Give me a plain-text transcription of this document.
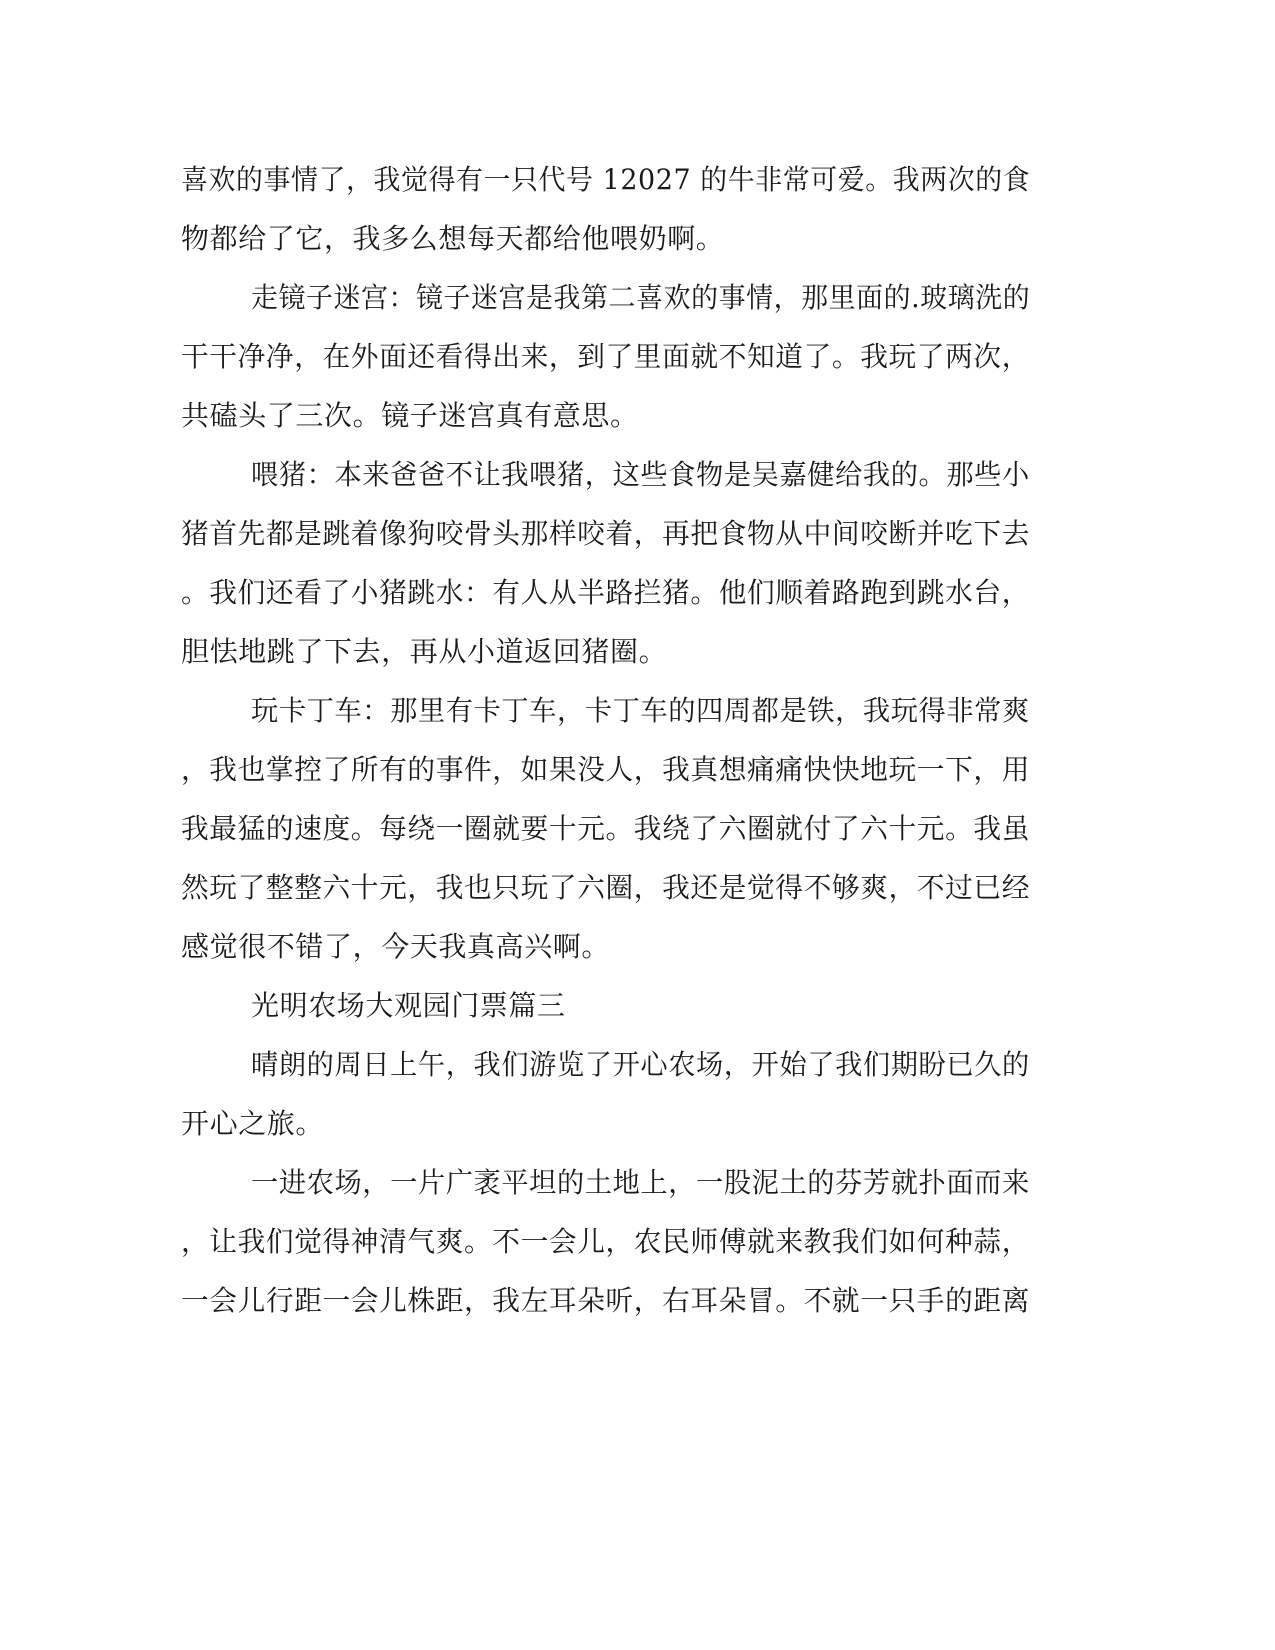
喜欢的事情了，我觉得有一只代号 12027 的牛非常可爱。我两次的食
物都给了它，我多么想每天都给他喂奶啊。
走镜子迷宫：镜子迷宫是我第二喜欢的事情，那里面的.玻璃洗的
干干净净，在外面还看得出来，到了里面就不知道了。我玩了两次，
共磕头了三次。镜子迷宫真有意思。
喂猪：本来爸爸不让我喂猪，这些食物是吴嘉健给我的。那些小
猪首先都是跳着像狗咬骨头那样咬着，再把食物从中间咬断并吃下去
。我们还看了小猪跳水：有人从半路拦猪。他们顺着路跑到跳水台，
胆怯地跳了下去，再从小道返回猪圈。
玩卡丁车：那里有卡丁车，卡丁车的四周都是铁，我玩得非常爽
，我也掌控了所有的事件，如果没人，我真想痛痛快快地玩一下，用
我最猛的速度。每绕一圈就要十元。我绕了六圈就付了六十元。我虽
然玩了整整六十元，我也只玩了六圈，我还是觉得不够爽，不过已经
感觉很不错了，今天我真高兴啊。
光明农场大观园门票篇三
晴朗的周日上午，我们游览了开心农场，开始了我们期盼已久的
开心之旅。
一进农场，一片广袤平坦的土地上，一股泥土的芬芳就扑面而来
，让我们觉得神清气爽。不一会儿，农民师傅就来教我们如何种蒜，
一会儿行距一会儿株距，我左耳朵听，右耳朵冒。不就一只手的距离
